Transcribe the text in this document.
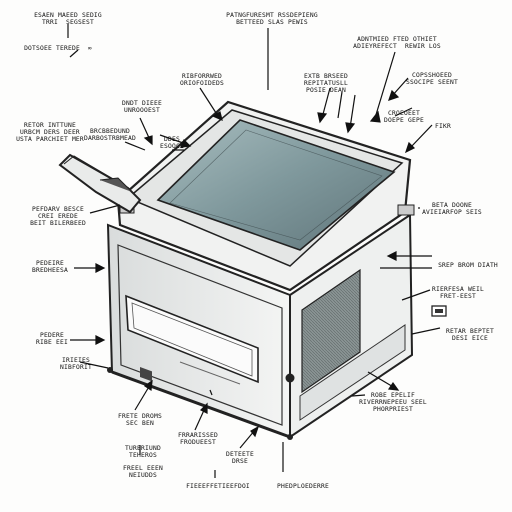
ESAEN MAEED SEDIG
TRRI  SEGSEST
DOTSOEE TEREDE  ∞
PATNGFURESMT RSSDEPIENG
BETTEED SLAS PEWIS
ADNTMIED FTED OTHIET
ADIEYREFECT  REWIR LOS
COPSSHOEED
SSOCIPE SEENT
CROEOEET
DOEPE GEPE
FIKR
EXTB BRSEED
REPITATUSLL
POSIE DEAN
RIBFORRWED
ORIOFOIDEDS
DNDT DIEEE
UNROOOEST
RETOR INTTUNE
URBCM DERS DEER
USTA PARCHIET MER
BRCBBEDUND
DARBOSTRBMEAD	DDES
ESOOCE
BETA DOONE
AVIEIARFOP SEIS
PEFDARV BESCE
CREI EREDE
BEIT BILERBEED
PEDEIRE
BREDHEESA
SREP BROM DIATH
RIERFESA WEIL
FRET-EEST
RETAR BEPTET
DESI EICE
PEDERE
RIBE EEI
IRIEIES
NIBFORIT
ROBE EPELIF
RIVERRNEPEEU SEEL
PHORPRIEST
FRETE DROMS
SEC BEN
FRRARISSED
FRODUEEST
DETEETE
DRSE
TURERIUND
TEHEROS
FREEL EEEN
NEIUDDS
FIEEEFFETIEEFDOI	PHEDPLOEDERRE
